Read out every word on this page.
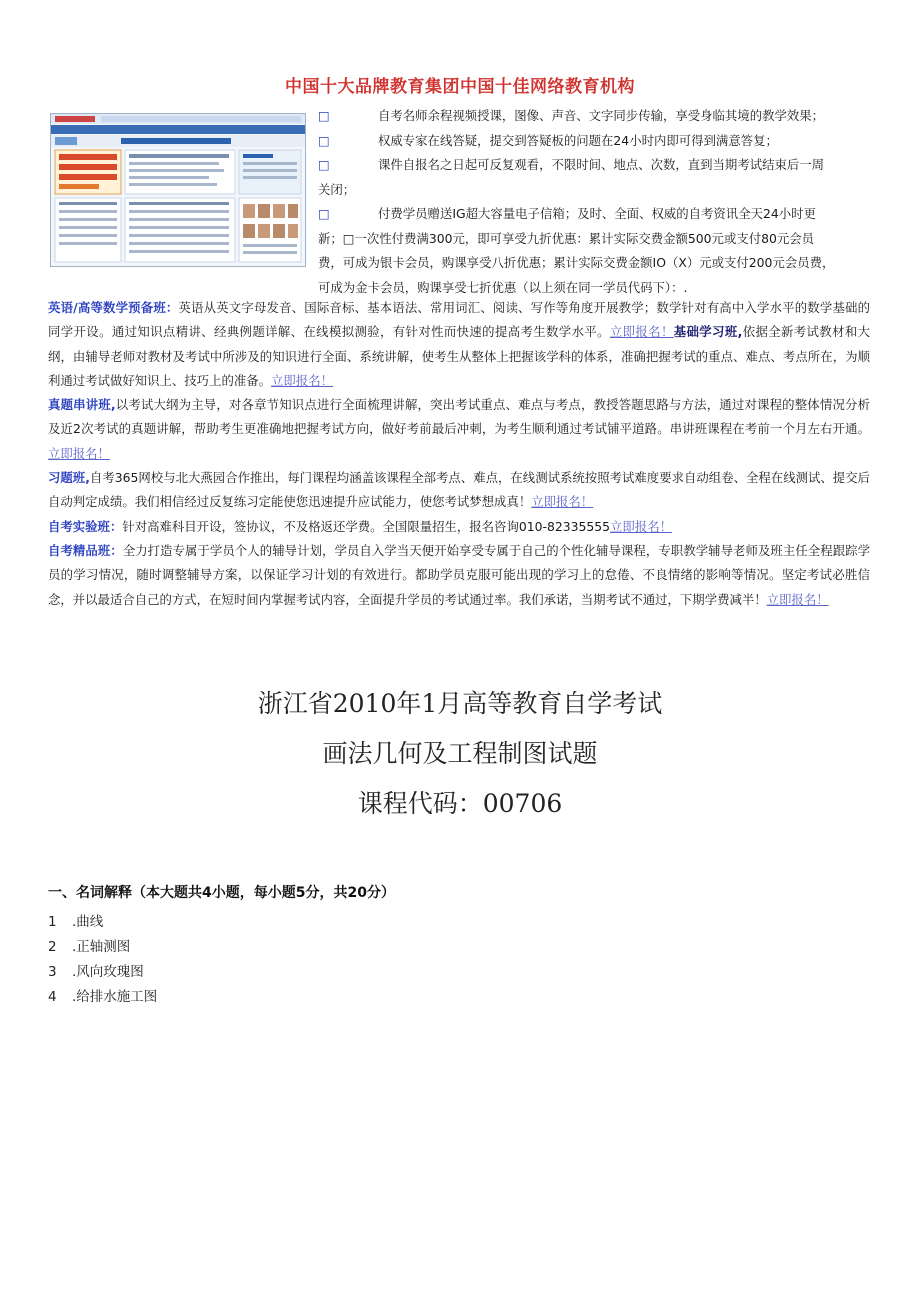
中国十大品牌教育集团中国十佳网络教育机构
□	自考名师余程视频授课，图像、声音、文字同步传输，享受身临其境的教学效果；
□	权威专家在线答疑，提交到答疑板的问题在24小时内即可得到满意答复；
□	课件自报名之日起可反复观看，不限时间、地点、次数，直到当期考试结束后一周
关闭；
□	付费学员赠送IG超大容量电子信箱；及时、全面、权威的自考资讯全天24小时更
新；□一次性付费满300元，即可享受九折优惠：累计实际交费金额500元或支付80元会员
费，可成为银卡会员，购课享受八折优惠；累计实际交费金额IO（X）元或支付200元会员费，
可成为金卡会员，购课享受七折优惠（以上须在同一学员代码下）：.
英语/高等数学预备班：英语从英文字母发音、国际音标、基本语法、常用词汇、阅读、写作等角度开展教学；数学针对有高中入学水平的数学基础的同学开设。通过知识点精讲、经典例题详解、在线模拟测验，有针对性而快速的提高考生数学水平。立即报名！基础学习班,依据全新考试教材和大纲，由辅导老师对教材及考试中所涉及的知识进行全面、系统讲解，使考生从整体上把握该学科的体系，准确把握考试的重点、难点、考点所在，为顺利通过考试做好知识上、技巧上的准备。立即报名！
真题串讲班,以考试大纲为主导，对各章节知识点进行全面梳理讲解，突出考试重点、难点与考点，教授答题思路与方法，通过对课程的整体情况分析及近2次考试的真题讲解，帮助考生更准确地把握考试方向，做好考前最后冲刺，为考生顺利通过考试铺平道路。串讲班课程在考前一个月左右开通。立即报名！
习题班,自考365网校与北大燕园合作推出，每门课程均涵盖该课程全部考点、难点，在线测试系统按照考试难度要求自动组卷、全程在线测试、提交后自动判定成绩。我们相信经过反复练习定能使您迅速提升应试能力，使您考试梦想成真！立即报名！
自考实验班：针对高难科目开设，签协议，不及格返还学费。全国限量招生，报名咨询010-82335555立即报名！
自考精品班：全力打造专属于学员个人的辅导计划，学员自入学当天便开始享受专属于自己的个性化辅导课程，专职教学辅导老师及班主任全程跟踪学员的学习情况，随时调整辅导方案，以保证学习计划的有效进行。都助学员克服可能出现的学习上的怠倦、不良情绪的影响等情况。坚定考试必胜信念，并以最适合自己的方式，在短时间内掌握考试内容，全面提升学员的考试通过率。我们承诺，当期考试不通过，下期学费减半！立即报名！
浙江省2010年1月高等教育自学考试
画法几何及工程制图试题
课程代码：00706
一、名词解释（本大题共4小题，每小题5分，共20分）
1 .曲线
2 .正轴测图
3 .风向玫瑰图
4 .给排水施工图
